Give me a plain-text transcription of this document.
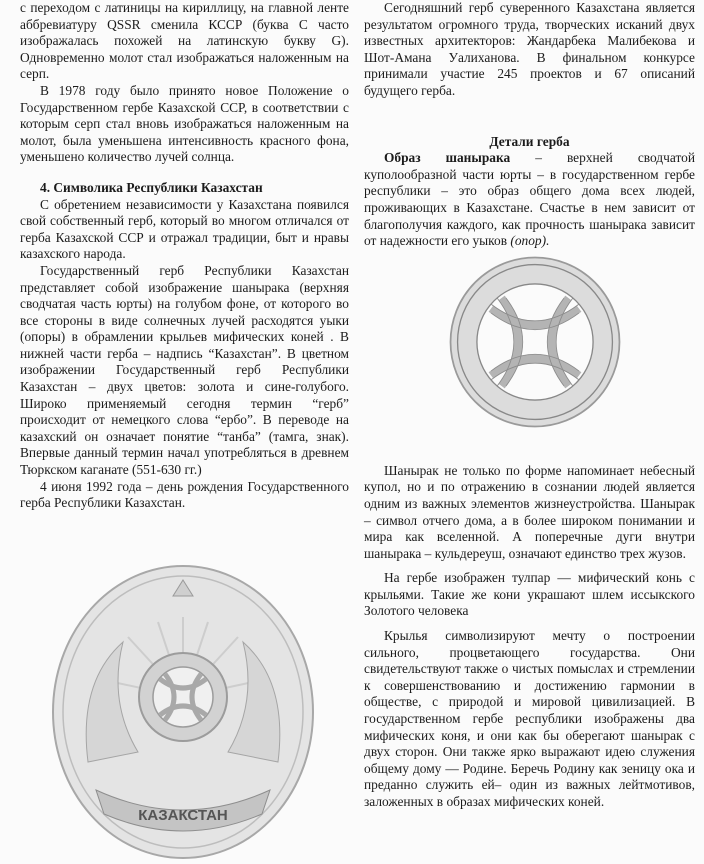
с переходом с латиницы на кириллицу, на главной ленте аббревиатуру QSSR сменила КССР (буква С часто изображалась похожей на латинскую букву G). Одновременно молот стал изображаться наложенным на серп.

В 1978 году было принято новое Положение о Государственном гербе Казахской ССР, в соответствии с которым серп стал вновь изображаться наложенным на молот, была уменьшена интенсивность красного фона, уменьшено количество лучей солнца.

4. Символика Республики Казахстан

С обретением независимости у Казахстана появился свой собственный герб, который во многом отличался от герба Казахской ССР и отражал традиции, быт и нравы казахского народа.

Государственный герб Республики Казахстан представляет собой изображение шанырака (верхняя сводчатая часть юрты) на голубом фоне, от которого во все стороны в виде солнечных лучей расходятся уыки (опоры) в обрамлении крыльев мифических коней . В нижней части герба – надпись “Казахстан”. В цветном изображении Государственный герб Республики Казахстан – двух цветов: золота и сине-голубого. Широко применяемый сегодня термин “герб” происходит от немецкого слова “ербо”. В переводе на казахский он означает понятие “танба” (тамга, знак). Впервые данный термин начал употребляться в древнем Тюркском каганате (551-630 гг.)

4 июня 1992 года – день рождения Государственного герба Республики Казахстан.

Сегодняшний герб суверенного Казахстана является результатом огромного труда, творческих исканий двух известных архитекторов: Жандарбека Малибекова и Шот-Амана Уалиханова. В финальном конкурсе принимали участие 245 проектов и 67 описаний будущего герба.

Детали герба

Образ шанырака – верхней сводчатой куполообразной части юрты – в государственном гербе республики – это образ общего дома всех людей, проживающих в Казахстане. Счастье в нем зависит от благополучия каждого, как прочность шанырака зависит от надежности его уыков (опор).

Шанырак не только по форме напоминает небесный купол, но и по отражению в сознании людей является одним из важных элементов жизнеустройства. Шанырак – символ отчего дома, а в более широком понимании и мира как вселенной. А поперечные дуги внутри шанырака – кульдереуш, означают единство трех жузов.

На гербе изображен тулпар — мифический конь с крыльями. Такие же кони украшают шлем иссыкского Золотого человека

Крылья символизируют мечту о построении сильного, процветающего государства. Они свидетельствуют также о чистых помыслах и стремлении к совершенствованию и достижению гармонии в обществе, с природой и мировой цивилизацией. В государственном гербе республики изображены два мифических коня, и они как бы оберегают шанырак с двух сторон. Они также ярко выражают идею служения общему дому — Родине. Беречь Родину как зеницу ока и преданно служить ей– один из важных лейтмотивов, заложенных в образах мифических коней.

КАЗАКСТАН
